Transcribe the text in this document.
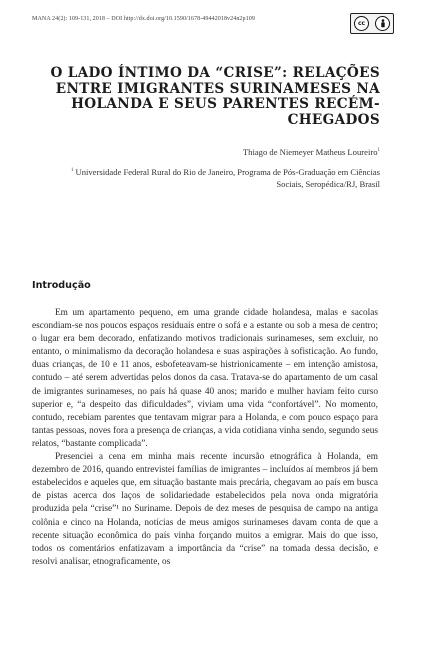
MANA 24(2): 109-131, 2018 – DOI http://dx.doi.org/10.1590/1678-49442018v24n2p109
cc
O LADO ÍNTIMO DA “CRISE”: RELAÇÕES ENTRE IMIGRANTES SURINAMESES NA HOLANDA E SEUS PARENTES RECÉM-CHEGADOS
Thiago de Niemeyer Matheus Loureiro$^1$
$^1$ Universidade Federal Rural do Rio de Janeiro, Programa de Pós-Graduação em Ciências Sociais, Seropédica/RJ, Brasil
Introdução

Em um apartamento pequeno, em uma grande cidade holandesa, malas e sacolas escondiam-se nos poucos espaços residuais entre o sofá e a estante ou sob a mesa de centro; o lugar era bem decorado, enfatizando motivos tradicionais surinameses, sem excluir, no entanto, o minimalismo da decoração holandesa e suas aspirações à sofisticação. Ao fundo, duas crianças, de 10 e 11 anos, esbofeteavam-se histrionicamente – em intenção amistosa, contudo – até serem advertidas pelos donos da casa. Tratava-se do apartamento de um casal de imigrantes surinameses, no país há quase 40 anos; marido e mulher haviam feito curso superior e, “a despeito das dificuldades”, viviam uma vida “confortável”. No momento, contudo, recebiam parentes que tentavam migrar para a Holanda, e com pouco espaço para tantas pessoas, noves fora a presença de crianças, a vida cotidiana vinha sendo, segundo seus relatos, “bastante complicada”.

Presenciei a cena em minha mais recente incursão etnográfica à Holanda, em dezembro de 2016, quando entrevistei famílias de imigrantes – incluídos aí membros já bem estabelecidos e aqueles que, em situação bastante mais precária, chegavam ao país em busca de pistas acerca dos laços de solidariedade estabelecidos pela nova onda migratória produzida pela “crise”¹ no Suriname. Depois de dez meses de pesquisa de campo na antiga colônia e cinco na Holanda, notícias de meus amigos surinameses davam conta de que a recente situação econômica do país vinha forçando muitos a emigrar. Mais do que isso, todos os comentários enfatizavam a importância da “crise” na tomada dessa decisão, e resolvi analisar, etnograficamente, os
